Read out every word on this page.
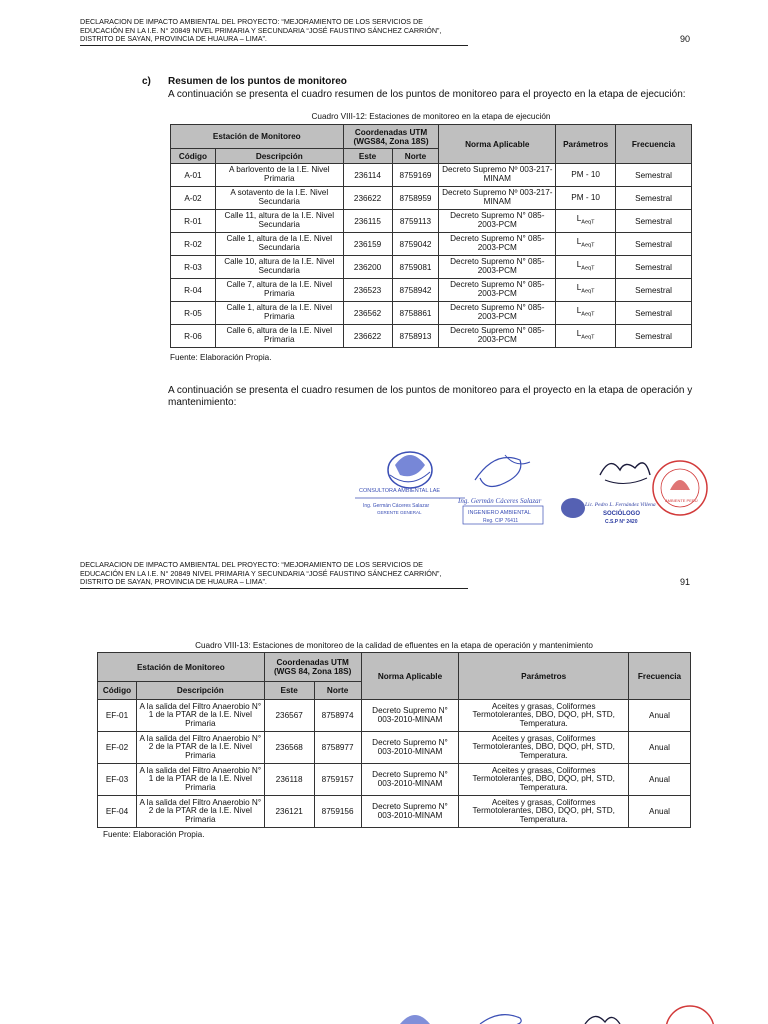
DECLARACION DE IMPACTO AMBIENTAL DEL PROYECTO: “MEJORAMIENTO DE LOS SERVICIOS DE
EDUCACIÓN EN LA I.E. N° 20849 NIVEL PRIMARIA Y SECUNDARIA “JOSÉ FAUSTINO SÁNCHEZ CARRIÓN”,
DISTRITO DE SAYAN, PROVINCIA DE HUAURA – LIMA”.	90
c) Resumen de los puntos de monitoreo
A continuación se presenta el cuadro resumen de los puntos de monitoreo para el proyecto en la etapa de ejecución:
Cuadro VIII-12: Estaciones de monitoreo en la etapa de ejecución
Estación de Monitoreo		Coordenadas UTM (WGS84, Zona 18S)		Norma Aplicable	Parámetros	Frecuencia
Código	Descripción	Este	Norte			
A-01	A barlovento de la I.E. Nivel Primaria	236114	8759169	Decreto Supremo Nº 003-217-MINAM	PM - 10	Semestral
A-02	A sotavento de la I.E. Nivel Secundaria	236622	8758959	Decreto Supremo Nº 003-217-MINAM	PM - 10	Semestral
R-01	Calle 11, altura de la I.E. Nivel Secundaria	236115	8759113	Decreto Supremo N° 085-2003-PCM	$L_{AeqT}$	Semestral
R-02	Calle 1, altura de la I.E. Nivel Secundaria	236159	8759042	Decreto Supremo N° 085-2003-PCM	$L_{AeqT}$	Semestral
R-03	Calle 10, altura de la I.E. Nivel Secundaria	236200	8759081	Decreto Supremo N° 085-2003-PCM	$L_{AeqT}$	Semestral
R-04	Calle 7, altura de la I.E. Nivel Primaria	236523	8758942	Decreto Supremo N° 085-2003-PCM	$L_{AeqT}$	Semestral
R-05	Calle 1, altura de la I.E. Nivel Primaria	236562	8758861	Decreto Supremo N° 085-2003-PCM	$L_{AeqT}$	Semestral
R-06	Calle 6, altura de la I.E. Nivel Primaria	236622	8758913	Decreto Supremo N° 085-2003-PCM	$L_{AeqT}$	Semestral
Fuente: Elaboración Propia.
A continuación se presenta el cuadro resumen de los puntos de monitoreo para el proyecto en la etapa de operación y mantenimiento:
CONSULTORA AMBIENTAL LAE
Ing. Germán Cáceres Salazar
GERENTE GENERAL
Ing. Germán Cáceres Salazar
INGENIERO AMBIENTAL
Reg. CIP 76411
Lic. Pedro L. Fernández Villena
SOCIÓLOGO
C.S.P N° 2420
AMBIENTE PERÚ
DECLARACION DE IMPACTO AMBIENTAL DEL PROYECTO: “MEJORAMIENTO DE LOS SERVICIOS DE
EDUCACIÓN EN LA I.E. N° 20849 NIVEL PRIMARIA Y SECUNDARIA “JOSÉ FAUSTINO SÁNCHEZ CARRIÓN”,
DISTRITO DE SAYAN, PROVINCIA DE HUAURA – LIMA”.	91
Cuadro VIII-13: Estaciones de monitoreo de la calidad de efluentes en la etapa de operación y mantenimiento
Estación de Monitoreo		Coordenadas UTM (WGS 84, Zona 18S)		Norma Aplicable	Parámetros	Frecuencia
Código	Descripción	Este	Norte			
EF-01	A la salida del Filtro Anaerobio N° 1 de la PTAR de la I.E. Nivel Primaria	236567	8758974	Decreto Supremo N° 003-2010-MINAM	Aceites y grasas, Coliformes Termotolerantes, DBO, DQO, pH, STD, Temperatura.	Anual
EF-02	A la salida del Filtro Anaerobio N° 2 de la PTAR de la I.E. Nivel Primaria	236568	8758977	Decreto Supremo N° 003-2010-MINAM	Aceites y grasas, Coliformes Termotolerantes, DBO, DQO, pH, STD, Temperatura.	Anual
EF-03	A la salida del Filtro Anaerobio N° 1 de la PTAR de la I.E. Nivel Primaria	236118	8759157	Decreto Supremo N° 003-2010-MINAM	Aceites y grasas, Coliformes Termotolerantes, DBO, DQO, pH, STD, Temperatura.	Anual
EF-04	A la salida del Filtro Anaerobio N° 2 de la PTAR de la I.E. Nivel Primaria	236121	8759156	Decreto Supremo N° 003-2010-MINAM	Aceites y grasas, Coliformes Termotolerantes, DBO, DQO, pH, STD, Temperatura.	Anual
Fuente: Elaboración Propia.
